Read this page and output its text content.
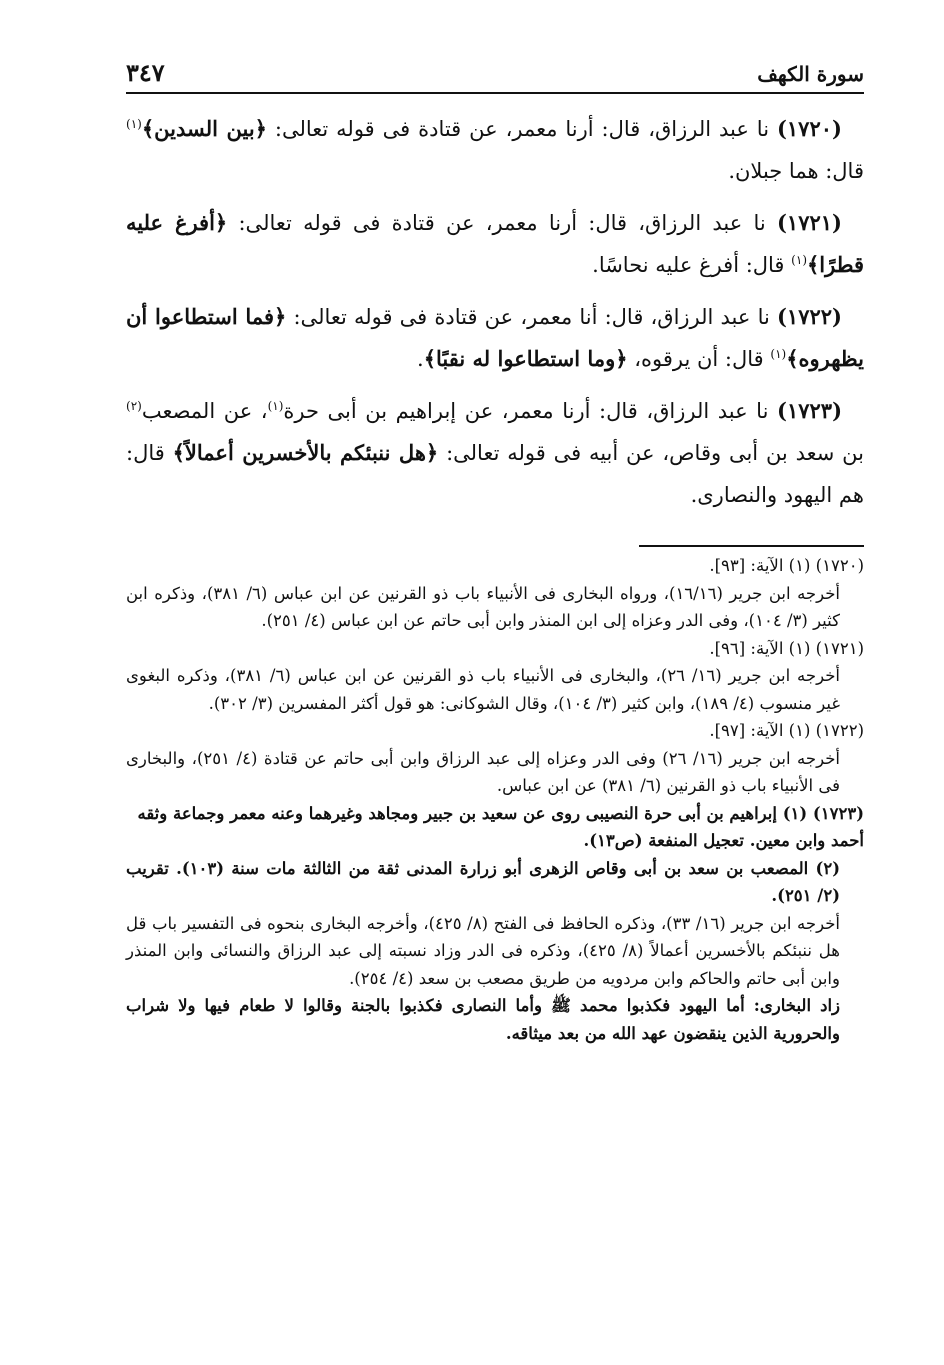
سورة الكهف
٣٤٧

(١٧٢٠) نا عبد الرزاق، قال: أرنا معمر، عن قتادة فى قوله تعالى: ﴿بين السدين﴾$^{(١)}$ قال: هما جبلان.

(١٧٢١) نا عبد الرزاق، قال: أرنا معمر، عن قتادة فى قوله تعالى: ﴿أفرغ عليه قطرًا﴾$^{(١)}$ قال: أفرغ عليه نحاسًا.

(١٧٢٢) نا عبد الرزاق، قال: أنا معمر، عن قتادة فى قوله تعالى: ﴿فما استطاعوا أن يظهروه﴾$^{(١)}$ قال: أن يرقوه، ﴿وما استطاعوا له نقبًا﴾.

(١٧٢٣) نا عبد الرزاق، قال: أرنا معمر، عن إبراهيم بن أبى حرة$^{(١)}$، عن المصعب$^{(٢)}$ بن سعد بن أبى وقاص، عن أبيه فى قوله تعالى: ﴿هل ننبئكم بالأخسرين أعمالاً﴾ قال: هم اليهود والنصارى.

(١٧٢٠) (١) الآية: [٩٣].

أخرجه ابن جرير (١٦/١٦)، ورواه البخارى فى الأنبياء باب ذو القرنين عن ابن عباس (٦/ ٣٨١)، وذكره ابن كثير (٣/ ١٠٤)، وفى الدر وعزاه إلى ابن المنذر وابن أبى حاتم عن ابن عباس (٤/ ٢٥١).

(١٧٢١) (١) الآية: [٩٦].

أخرجه ابن جرير (١٦/ ٢٦)، والبخارى فى الأنبياء باب ذو القرنين عن ابن عباس (٦/ ٣٨١)، وذكره البغوى غير منسوب (٤/ ١٨٩)، وابن كثير (٣/ ١٠٤)، وقال الشوكانى: هو قول أكثر المفسرين (٣/ ٣٠٢).

(١٧٢٢) (١) الآية: [٩٧].

أخرجه ابن جرير (١٦/ ٢٦) وفى الدر وعزاه إلى عبد الرزاق وابن أبى حاتم عن قتادة (٤/ ٢٥١)، والبخارى فى الأنبياء باب ذو القرنين (٦/ ٣٨١) عن ابن عباس.

(١٧٢٣) (١) إبراهيم بن أبى حرة النصيبى روى عن سعيد بن جبير ومجاهد وغيرهما وعنه معمر وجماعة وثقه أحمد وابن معين. تعجيل المنفعة (ص١٣).

(٢) المصعب بن سعد بن أبى وقاص الزهرى أبو زرارة المدنى ثقة من الثالثة مات سنة (١٠٣). تقريب (٢/ ٢٥١).

أخرجه ابن جرير (١٦/ ٣٣)، وذكره الحافظ فى الفتح (٨/ ٤٢٥)، وأخرجه البخارى بنحوه فى التفسير باب قل هل ننبئكم بالأخسرين أعمالاً (٨/ ٤٢٥)، وذكره فى الدر وزاد نسبته إلى عبد الرزاق والنسائى وابن المنذر وابن أبى حاتم والحاكم وابن مردويه من طريق مصعب بن سعد (٤/ ٢٥٤).

زاد البخارى: أما اليهود فكذبوا محمد ﷺ وأما النصارى فكذبوا بالجنة وقالوا لا طعام فيها ولا شراب والحرورية الذين ينقضون عهد الله من بعد ميثاقه.
